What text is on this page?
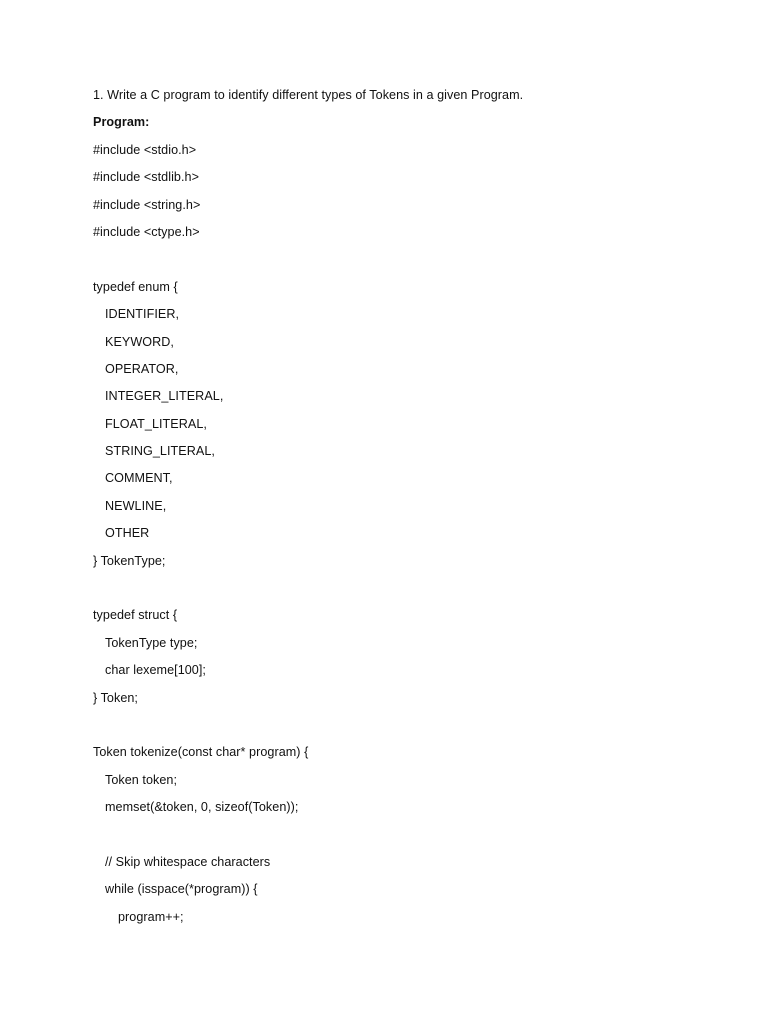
1. Write a C program to identify different types of Tokens in a given Program.
Program:
#include <stdio.h>
#include <stdlib.h>
#include <string.h>
#include <ctype.h>
typedef enum {
IDENTIFIER,
KEYWORD,
OPERATOR,
INTEGER_LITERAL,
FLOAT_LITERAL,
STRING_LITERAL,
COMMENT,
NEWLINE,
OTHER
} TokenType;
typedef struct {
TokenType type;
char lexeme[100];
} Token;
Token tokenize(const char* program) {
Token token;
memset(&token, 0, sizeof(Token));
// Skip whitespace characters
while (isspace(*program)) {
program++;
